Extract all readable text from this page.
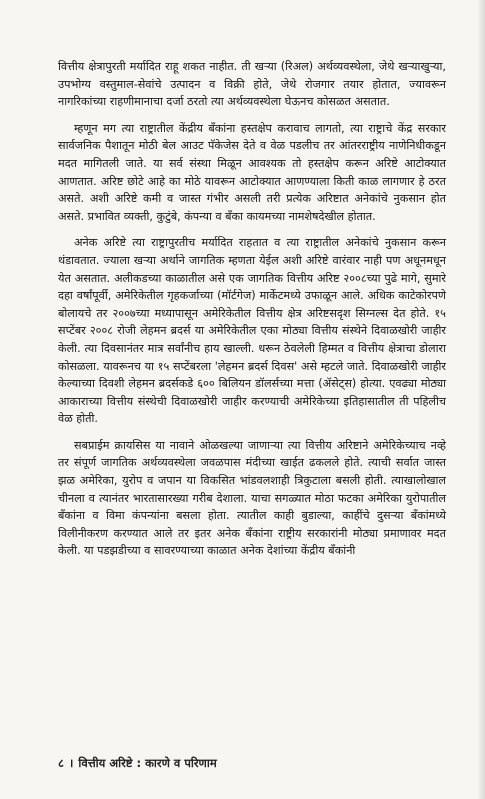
वित्तीय क्षेत्रापुरती मर्यादित राहू शकत नाहीत. ती खऱ्या (रिअल) अर्थव्यवस्थेला, जेथे खऱ्याखुऱ्या, उपभोग्य वस्तुमाल-सेवांचे उत्पादन व विक्री होते, जेथे रोजगार तयार होतात, ज्यावरून नागरिकांच्या राहणीमानाचा दर्जा ठरतो त्या अर्थव्यवस्थेला घेऊनच कोसळत असतात.

म्हणून मग त्या राष्ट्रातील केंद्रीय बँकांना हस्तक्षेप करावाच लागतो, त्या राष्ट्राचे केंद्र सरकार सार्वजनिक पैशातून मोठी बेल आउट पॅकेजेस देते व वेळ पडलीच तर आंतरराष्ट्रीय नाणेनिधीकडून मदत मागितली जाते. या सर्व संस्था मिळून आवश्यक तो हस्तक्षेप करून अरिष्टे आटोक्यात आणतात. अरिष्ट छोटे आहे का मोठे यावरून आटोक्यात आणण्याला किती काळ लागणार हे ठरत असते. अशी अरिष्टे कमी व जास्त गंभीर असली तरी प्रत्येक अरिष्टात अनेकांचे नुकसान होत असते. प्रभावित व्यक्ती, कुटुंबे, कंपन्या व बँका कायमच्या नामशेषदेखील होतात.

अनेक अरिष्टे त्या राष्ट्रापुरतीच मर्यादित राहतात व त्या राष्ट्रातील अनेकांचे नुकसान करून थंडावतात. ज्याला खऱ्या अर्थाने जागतिक म्हणता येईल अशी अरिष्टे वारंवार नाही पण अधूनमधून येत असतात. अलीकडच्या काळातील असे एक जागतिक वित्तीय अरिष्ट २००८च्या पुढे मागे, सुमारे दहा वर्षांपूर्वी, अमेरिकेतील गृहकर्जाच्या (मॉर्टगेज) मार्केटमध्ये उफाळून आले. अधिक काटेकोरपणे बोलायचे तर २००७च्या मध्यापासून अमेरिकेतील वित्तीय क्षेत्र अरिष्टसदृश सिग्नल्स देत होते. १५ सप्टेंबर २००८ रोजी लेहमन ब्रदर्स या अमेरिकेतील एका मोठ्या वित्तीय संस्थेने दिवाळखोरी जाहीर केली. त्या दिवसानंतर मात्र सर्वांनीच हाय खाल्ली. धरून ठेवलेली हिम्मत व वित्तीय क्षेत्राचा डोलारा कोसळला. यावरूनच या १५ सप्टेंबरला 'लेहमन ब्रदर्स दिवस' असे म्हटले जाते. दिवाळखोरी जाहीर केल्याच्या दिवशी लेहमन ब्रदर्सकडे ६०० बिलियन डॉलर्सच्या मत्ता (ॲसेट्स) होत्या. एवढ्या मोठ्या आकाराच्या वित्तीय संस्थेची दिवाळखोरी जाहीर करण्याची अमेरिकेच्या इतिहासातील ती पहिलीच वेळ होती.

सबप्राईम क्रायसिस या नावाने ओळखल्या जाणाऱ्या त्या वित्तीय अरिष्टाने अमेरिकेच्याच नव्हे तर संपूर्ण जागतिक अर्थव्यवस्थेला जवळपास मंदीच्या खाईत ढकलले होते. त्याची सर्वात जास्त झळ अमेरिका, युरोप व जपान या विकसित भांडवलशाही त्रिकुटाला बसली होती. त्याखालोखाल चीनला व त्यानंतर भारतासारख्या गरीब देशाला. याचा सगळ्यात मोठा फटका अमेरिका युरोपातील बँकांना व विमा कंपन्यांना बसला होता. त्यातील काही बुडाल्या, काहींचे दुसऱ्या बँकांमध्ये विलीनीकरण करण्यात आले तर इतर अनेक बँकांना राष्ट्रीय सरकारांनी मोठ्या प्रमाणावर मदत केली. या पडझडीच्या व सावरण्याच्या काळात अनेक देशांच्या केंद्रीय बँकांनी

८ । वित्तीय अरिष्टे : कारणे व परिणाम
